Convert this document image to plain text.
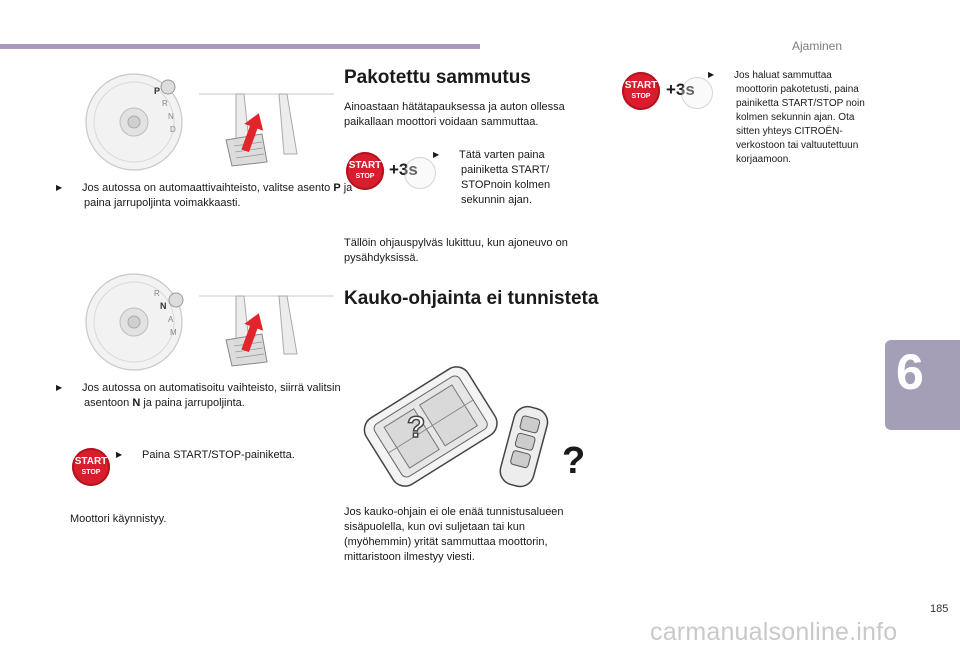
Ajaminen
6
P
R
N
D
▶ Jos autossa on automaattivaihteisto, valitse asento P ja paina jarrupoljinta voimakkaasti.
R
N
A
M
▶ Jos autossa on automatisoitu vaihteisto, siirrä valitsin asentoon N ja paina jarrupoljinta.
START
STOP
▶ Paina START/STOP-painiketta.
Moottori käynnistyy.
Pakotettu sammutus
Ainoastaan hätätapauksessa ja auton ollessa paikallaan moottori voidaan sammuttaa.
START
STOP +3s
▶ Tätä varten paina painiketta START/ STOPnoin kolmen sekunnin ajan.
Tällöin ohjauspylväs lukittuu, kun ajoneuvo on pysähdyksissä.
Kauko-ohjainta ei tunnisteta
?
?
Jos kauko-ohjain ei ole enää tunnistusalueen sisäpuolella, kun ovi suljetaan tai kun (myöhemmin) yrität sammuttaa moottorin, mittaristoon ilmestyy viesti.
START
STOP +3s
▶ Jos haluat sammuttaa moottorin pakotetusti, paina painiketta START/STOP noin kolmen sekunnin ajan. Ota sitten yhteys CITROËN-verkostoon tai valtuutettuun korjaamoon.
185
carmanualsonline.info
